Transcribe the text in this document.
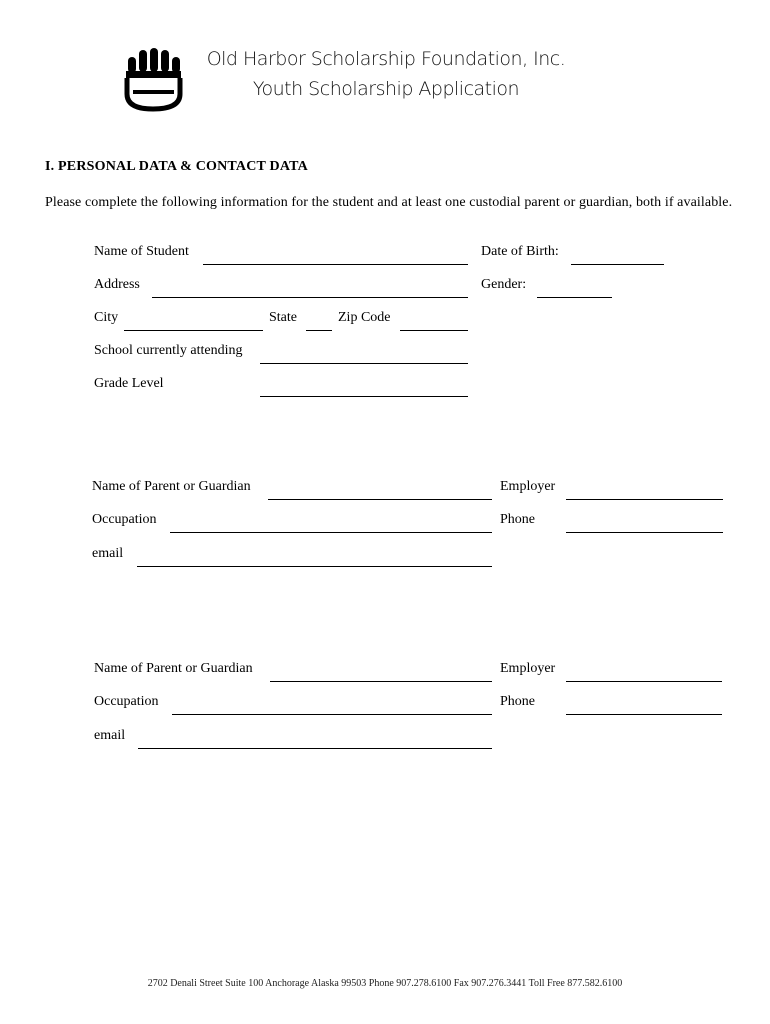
Old Harbor Scholarship Foundation, Inc.
Youth Scholarship Application
I. PERSONAL DATA & CONTACT DATA
Please complete the following information for the student and at least one custodial parent or guardian, both if available.
Name of Student	Date of Birth:
Address	Gender:
City	State	Zip Code
School currently attending
Grade Level
Name of Parent or Guardian	Employer
Occupation	Phone
email
Name of Parent or Guardian	Employer
Occupation	Phone
email
2702 Denali Street Suite 100 Anchorage Alaska 99503 Phone 907.278.6100 Fax 907.276.3441 Toll Free 877.582.6100
